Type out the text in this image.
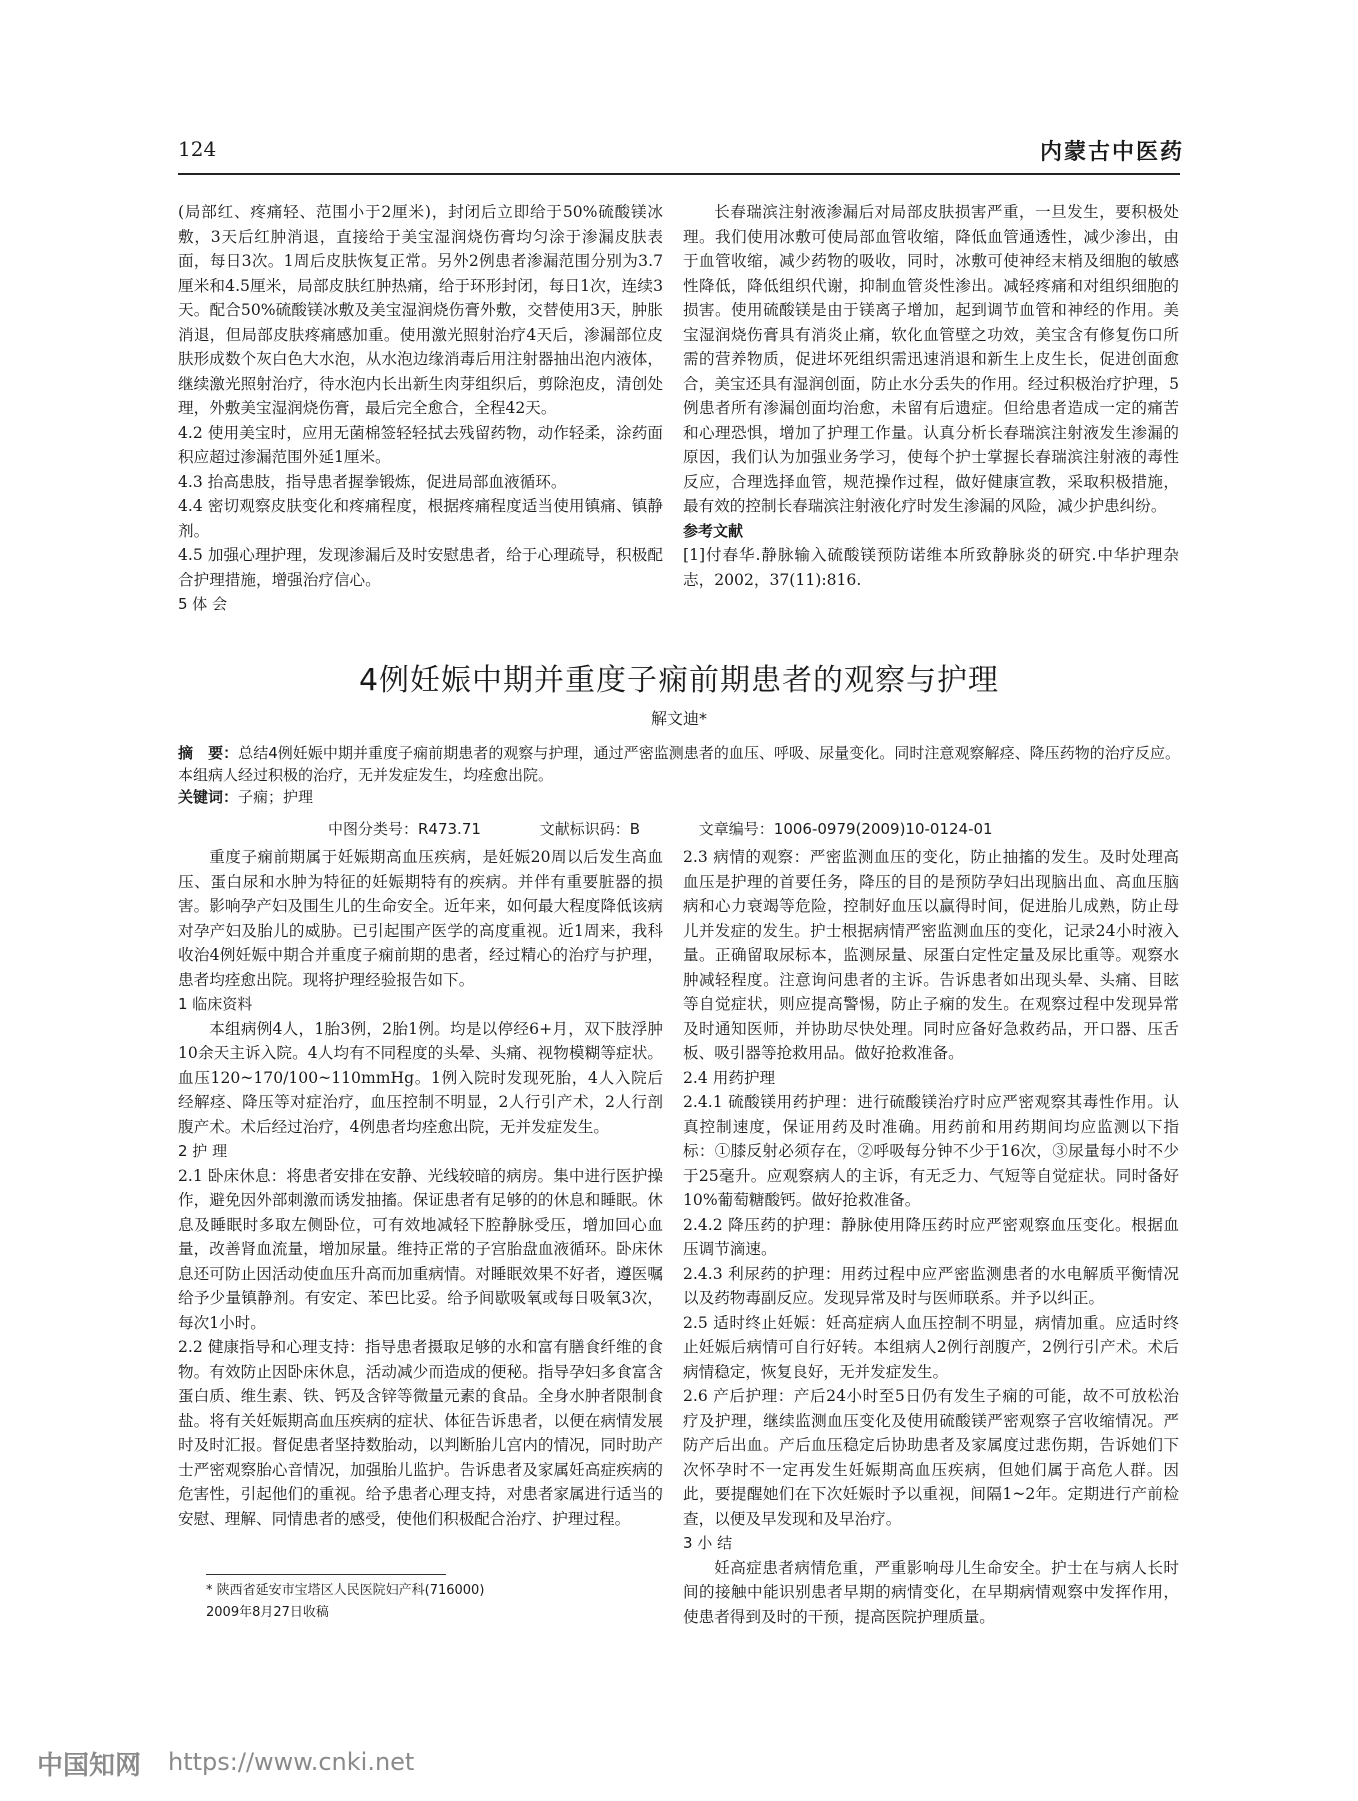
124	内蒙古中医药

(局部红、疼痛轻、范围小于2厘米)，封闭后立即给于50%硫酸镁冰敷，3天后红肿消退，直接给于美宝湿润烧伤膏均匀涂于渗漏皮肤表面，每日3次。1周后皮肤恢复正常。另外2例患者渗漏范围分别为3.7厘米和4.5厘米，局部皮肤红肿热痛，给于环形封闭，每日1次，连续3天。配合50%硫酸镁冰敷及美宝湿润烧伤膏外敷，交替使用3天，肿胀消退，但局部皮肤疼痛感加重。使用激光照射治疗4天后，渗漏部位皮肤形成数个灰白色大水泡，从水泡边缘消毒后用注射器抽出泡内液体，继续激光照射治疗，待水泡内长出新生肉芽组织后，剪除泡皮，清创处理，外敷美宝湿润烧伤膏，最后完全愈合，全程42天。

4.2 使用美宝时，应用无菌棉签轻轻拭去残留药物，动作轻柔，涂药面积应超过渗漏范围外延1厘米。

4.3 抬高患肢，指导患者握拳锻炼，促进局部血液循环。

4.4 密切观察皮肤变化和疼痛程度，根据疼痛程度适当使用镇痛、镇静剂。

4.5 加强心理护理，发现渗漏后及时安慰患者，给于心理疏导，积极配合护理措施，增强治疗信心。

5 体 会

长春瑞滨注射液渗漏后对局部皮肤损害严重，一旦发生，要积极处理。我们使用冰敷可使局部血管收缩，降低血管通透性，减少渗出，由于血管收缩，减少药物的吸收，同时，冰敷可使神经末梢及细胞的敏感性降低，降低组织代谢，抑制血管炎性渗出。减轻疼痛和对组织细胞的损害。使用硫酸镁是由于镁离子增加，起到调节血管和神经的作用。美宝湿润烧伤膏具有消炎止痛，软化血管壁之功效，美宝含有修复伤口所需的营养物质，促进坏死组织需迅速消退和新生上皮生长，促进创面愈合，美宝还具有湿润创面，防止水分丢失的作用。经过积极治疗护理，5例患者所有渗漏创面均治愈，未留有后遗症。但给患者造成一定的痛苦和心理恐惧，增加了护理工作量。认真分析长春瑞滨注射液发生渗漏的原因，我们认为加强业务学习，使每个护士掌握长春瑞滨注射液的毒性反应，合理选择血管，规范操作过程，做好健康宣教，采取积极措施，最有效的控制长春瑞滨注射液化疗时发生渗漏的风险，减少护患纠纷。

参考文献

[1]付春华.静脉输入硫酸镁预防诺维本所致静脉炎的研究.中华护理杂志，2002，37(11):816.

4例妊娠中期并重度子痫前期患者的观察与护理
解文迪*

摘　要：总结4例妊娠中期并重度子痫前期患者的观察与护理，通过严密监测患者的血压、呼吸、尿量变化。同时注意观察解痉、降压药物的治疗反应。本组病人经过积极的治疗，无并发症发生，均痊愈出院。

关键词：子痫；护理

中图分类号：R473.71	文献标识码：B	文章编号：1006-0979(2009)10-0124-01

重度子痫前期属于妊娠期高血压疾病，是妊娠20周以后发生高血压、蛋白尿和水肿为特征的妊娠期特有的疾病。并伴有重要脏器的损害。影响孕产妇及围生儿的生命安全。近年来，如何最大程度降低该病对孕产妇及胎儿的威胁。已引起围产医学的高度重视。近1周来，我科收治4例妊娠中期合并重度子痫前期的患者，经过精心的治疗与护理，患者均痊愈出院。现将护理经验报告如下。

1 临床资料

本组病例4人，1胎3例，2胎1例。均是以停经6+月，双下肢浮肿10余天主诉入院。4人均有不同程度的头晕、头痛、视物模糊等症状。血压120~170/100~110mmHg。1例入院时发现死胎，4人入院后经解痉、降压等对症治疗，血压控制不明显，2人行引产术，2人行剖腹产术。术后经过治疗，4例患者均痊愈出院，无并发症发生。

2 护 理

2.1 卧床休息：将患者安排在安静、光线较暗的病房。集中进行医护操作，避免因外部刺激而诱发抽搐。保证患者有足够的的休息和睡眠。休息及睡眠时多取左侧卧位，可有效地减轻下腔静脉受压，增加回心血量，改善肾血流量，增加尿量。维持正常的子宫胎盘血液循环。卧床休息还可防止因活动使血压升高而加重病情。对睡眠效果不好者，遵医嘱给予少量镇静剂。有安定、苯巴比妥。给予间歇吸氧或每日吸氧3次，每次1小时。

2.2 健康指导和心理支持：指导患者摄取足够的水和富有膳食纤维的食物。有效防止因卧床休息，活动减少而造成的便秘。指导孕妇多食富含蛋白质、维生素、铁、钙及含锌等微量元素的食品。全身水肿者限制食盐。将有关妊娠期高血压疾病的症状、体征告诉患者，以便在病情发展时及时汇报。督促患者坚持数胎动，以判断胎儿宫内的情况，同时助产士严密观察胎心音情况，加强胎儿监护。告诉患者及家属妊高症疾病的危害性，引起他们的重视。给予患者心理支持，对患者家属进行适当的安慰、理解、同情患者的感受，使他们积极配合治疗、护理过程。

2.3 病情的观察：严密监测血压的变化，防止抽搐的发生。及时处理高血压是护理的首要任务，降压的目的是预防孕妇出现脑出血、高血压脑病和心力衰竭等危险，控制好血压以赢得时间，促进胎儿成熟，防止母儿并发症的发生。护士根据病情严密监测血压的变化，记录24小时液入量。正确留取尿标本，监测尿量、尿蛋白定性定量及尿比重等。观察水肿减轻程度。注意询问患者的主诉。告诉患者如出现头晕、头痛、目眩等自觉症状，则应提高警惕，防止子痫的发生。在观察过程中发现异常及时通知医师，并协助尽快处理。同时应备好急救药品，开口器、压舌板、吸引器等抢救用品。做好抢救准备。

2.4 用药护理

2.4.1 硫酸镁用药护理：进行硫酸镁治疗时应严密观察其毒性作用。认真控制速度，保证用药及时准确。用药前和用药期间均应监测以下指标：①膝反射必须存在，②呼吸每分钟不少于16次，③尿量每小时不少于25毫升。应观察病人的主诉，有无乏力、气短等自觉症状。同时备好10%葡萄糖酸钙。做好抢救准备。

2.4.2 降压药的护理：静脉使用降压药时应严密观察血压变化。根据血压调节滴速。

2.4.3 利尿药的护理：用药过程中应严密监测患者的水电解质平衡情况以及药物毒副反应。发现异常及时与医师联系。并予以纠正。

2.5 适时终止妊娠：妊高症病人血压控制不明显，病情加重。应适时终止妊娠后病情可自行好转。本组病人2例行剖腹产，2例行引产术。术后病情稳定，恢复良好，无并发症发生。

2.6 产后护理：产后24小时至5日仍有发生子痫的可能，故不可放松治疗及护理，继续监测血压变化及使用硫酸镁严密观察子宫收缩情况。严防产后出血。产后血压稳定后协助患者及家属度过悲伤期，告诉她们下次怀孕时不一定再发生妊娠期高血压疾病，但她们属于高危人群。因此，要提醒她们在下次妊娠时予以重视，间隔1~2年。定期进行产前检查，以便及早发现和及早治疗。

3 小 结

妊高症患者病情危重，严重影响母儿生命安全。护士在与病人长时间的接触中能识别患者早期的病情变化，在早期病情观察中发挥作用，使患者得到及时的干预，提高医院护理质量。

* 陕西省延安市宝塔区人民医院妇产科(716000)
2009年8月27日收稿
中国知网 https://www.cnki.net
